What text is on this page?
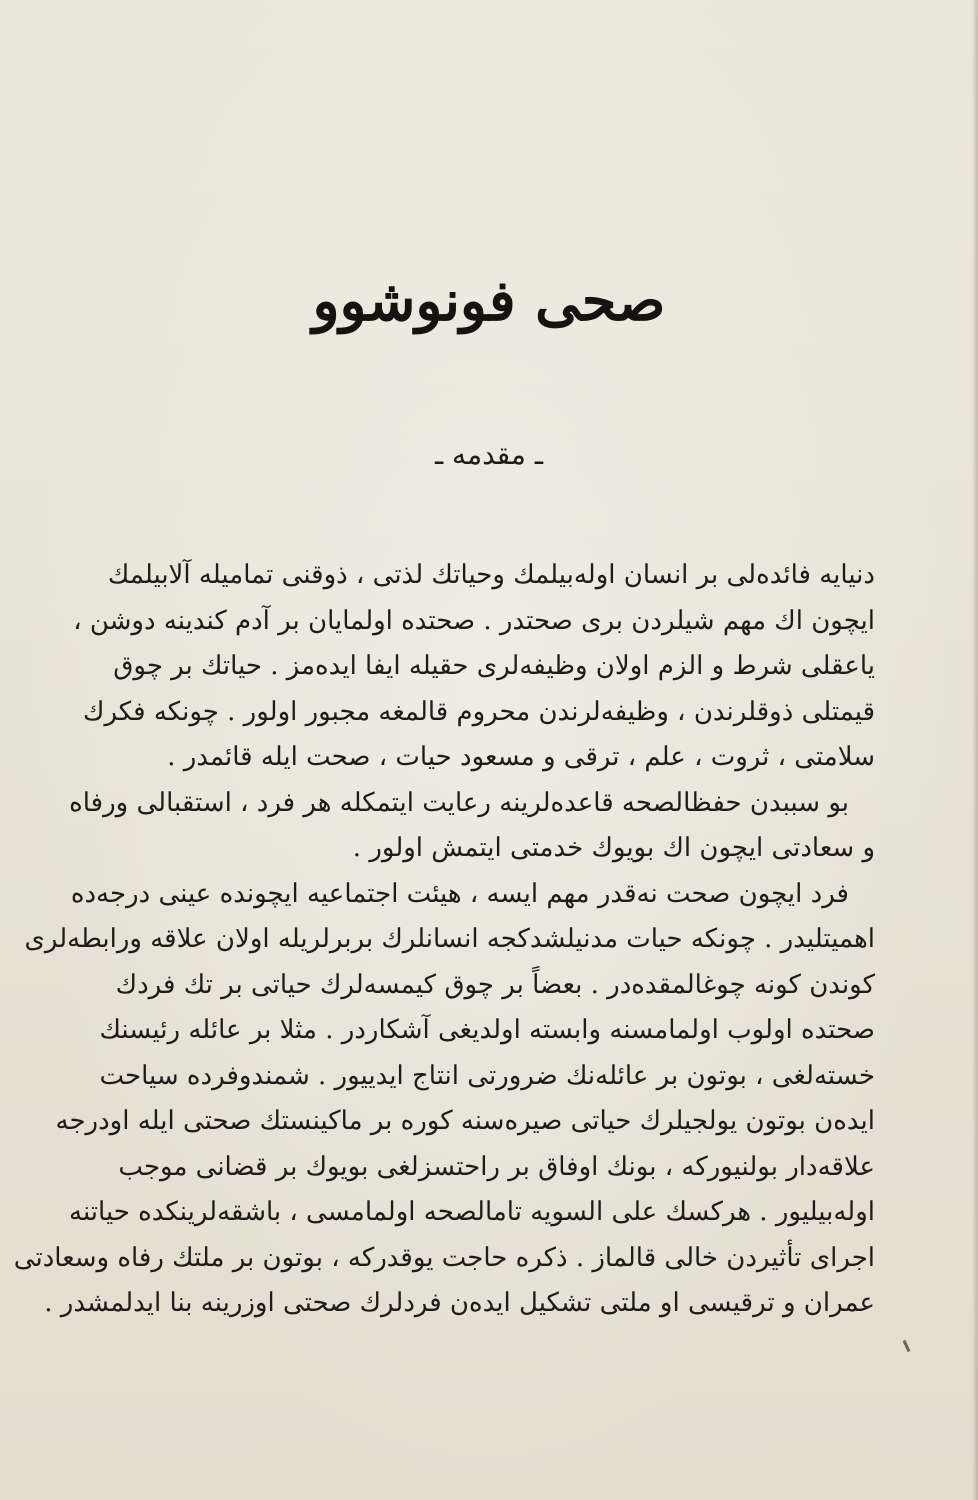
صحی فونوشوو
ـ مقدمه ـ
دنیایه فائدەلی بر انسان اولەبیلمك وحیاتك لذتی ، ذوقنی تمامیله آلابیلمك
ایچون اك مهم شیلردن بری صحتدر . صحتده اولمایان بر آدم کندینه دوشن ،
یاعقلی شرط و الزم اولان وظیفەلری حقیله ایفا ایدەمز . حیاتك بر چوق
قیمتلی ذوقلرندن ، وظیفەلرندن محروم قالمغه مجبور اولور . چونکه فکرك
سلامتی ، ثروت ، علم ، ترقی و مسعود حیات ، صحت ایله قائمدر .
بو سببدن حفظالصحه قاعدەلرینه رعایت ایتمکله هر فرد ، استقبالی ورفاه
و سعادتی ایچون اك بویوك خدمتی ایتمش اولور .
فرد ایچون صحت نەقدر مهم ایسه ، هیئت اجتماعیه ایچونده عینی درجەده
اهمیتلیدر . چونکه حیات مدنیلشدکجه انسانلرك بربرلریله اولان علاقه ورابطەلری
کوندن کونه چوغالمقدەدر . بعضاً بر چوق کیمسەلرك حیاتی بر تك فردك
صحتده اولوب اولمامسنه وابسته اولدیغی آشکاردر . مثلا بر عائله رئیسنك
خستەلغی ، بوتون بر عائلەنك ضرورتی انتاج ایدییور . شمندوفرده سیاحت
ایدەن بوتون یولجیلرك حیاتی صیرەسنه کوره بر ماکینستك صحتی ایله اودرجه
علاقەدار بولنیورکه ، بونك اوفاق بر راحتسزلغی بویوك بر قضانی موجب
اولەبیلیور . هرکسك علی السویه تامالصحه اولمامسی ، باشقەلرینکده حیاتنه
اجرای تأثیردن خالی قالماز . ذکره حاجت یوقدرکه ، بوتون بر ملتك رفاه وسعادتی
عمران و ترقیسی او ملتی تشکیل ایدەن فردلرك صحتی اوزرینه بنا ایدلمشدر .
